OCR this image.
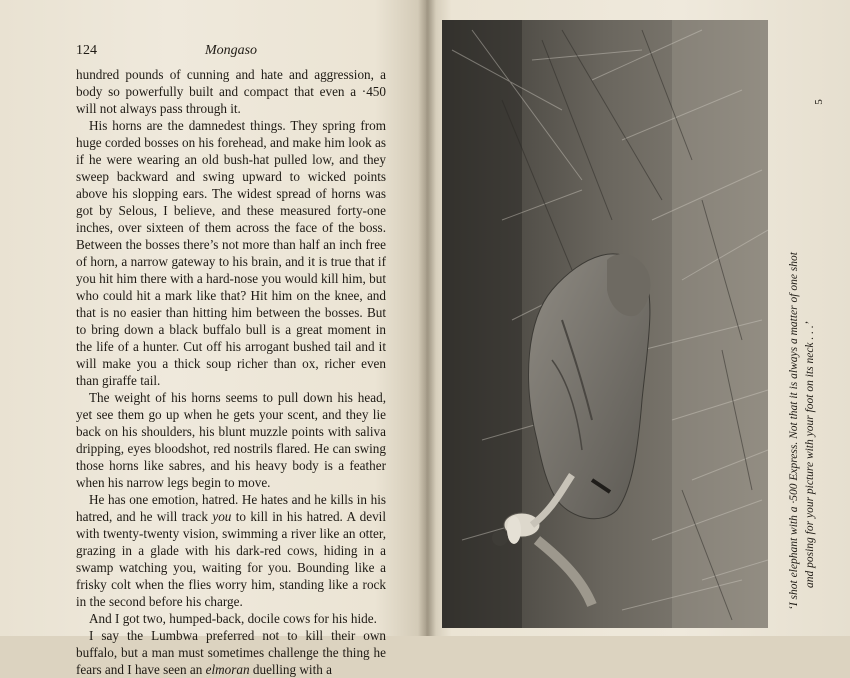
124	Mongaso

hundred pounds of cunning and hate and aggression, a body so powerfully built and compact that even a ·450 will not always pass through it.

His horns are the damnedest things. They spring from huge corded bosses on his forehead, and make him look as if he were wearing an old bush-hat pulled low, and they sweep backward and swing upward to wicked points above his slopping ears. The widest spread of horns was got by Selous, I believe, and these measured forty-one inches, over sixteen of them across the face of the boss. Between the bosses there’s not more than half an inch free of horn, a narrow gateway to his brain, and it is true that if you hit him there with a hard-nose you would kill him, but who could hit a mark like that? Hit him on the knee, and that is no easier than hitting him between the bosses. But to bring down a black buffalo bull is a great moment in the life of a hunter. Cut off his arrogant bushed tail and it will make you a thick soup richer than ox, richer even than giraffe tail.

The weight of his horns seems to pull down his head, yet see them go up when he gets your scent, and they lie back on his shoulders, his blunt muzzle points with saliva dripping, eyes bloodshot, red nostrils flared. He can swing those horns like sabres, and his heavy body is a feather when his narrow legs begin to move.

He has one emotion, hatred. He hates and he kills in his hatred, and he will track you to kill in his hatred. A devil with twenty-twenty vision, swimming a river like an otter, grazing in a glade with his dark-red cows, hiding in a swamp watching you, waiting for you. Bounding like a frisky colt when the flies worry him, standing like a rock in the second before his charge.

And I got two, humped-back, docile cows for his hide.

I say the Lumbwa preferred not to kill their own buffalo, but a man must sometimes challenge the thing he fears and I have seen an elmoran duelling with a

‘I shot elephant with a ·500 Express. Not that it is always a matter of one shot and posing for your picture with your foot on its neck . . .’
5
